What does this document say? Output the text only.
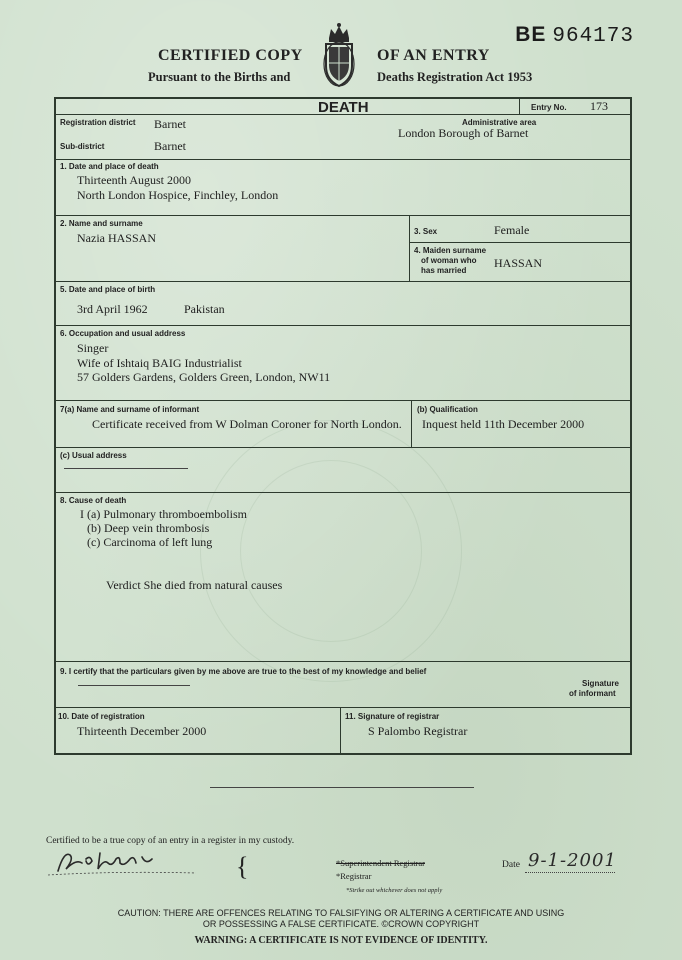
BE 964173
CERTIFIED COPY
Pursuant to the Births and
OF AN ENTRY
Deaths Registration Act 1953
DEATH	Entry No. 173
Registration district Barnet
Sub-district	Barnet
Administrative area
London Borough of Barnet
1. Date and place of death
Thirteenth August 2000
North London Hospice, Finchley, London
2. Name and surname
Nazia HASSAN	3. Sex	Female
4. Maiden surname
of woman who
has married
HASSAN
5. Date and place of birth
3rd April 1962	Pakistan
6. Occupation and usual address
Singer
Wife of Ishtaiq BAIG Industrialist
57 Golders Gardens, Golders Green, London, NW11
7(a) Name and surname of informant
Certificate received from W Dolman Coroner for North London.
(b) Qualification
Inquest held 11th December 2000
(c) Usual address
8. Cause of death
I (a) Pulmonary thromboembolism
(b) Deep vein thrombosis
(c) Carcinoma of left lung
Verdict She died from natural causes
9. I certify that the particulars given by me above are true to the best of my knowledge and belief
Signature
of informant
10. Date of registration
Thirteenth December 2000
11. Signature of registrar
S Palombo Registrar
Certified to be a true copy of an entry in a register in my custody.
{	*Superintendent Registrar
*Registrar
*Strike out whichever does not apply
Date 9-1-2001
CAUTION: THERE ARE OFFENCES RELATING TO FALSIFYING OR ALTERING A CERTIFICATE AND USING
OR POSSESSING A FALSE CERTIFICATE. ©CROWN COPYRIGHT
WARNING: A CERTIFICATE IS NOT EVIDENCE OF IDENTITY.
